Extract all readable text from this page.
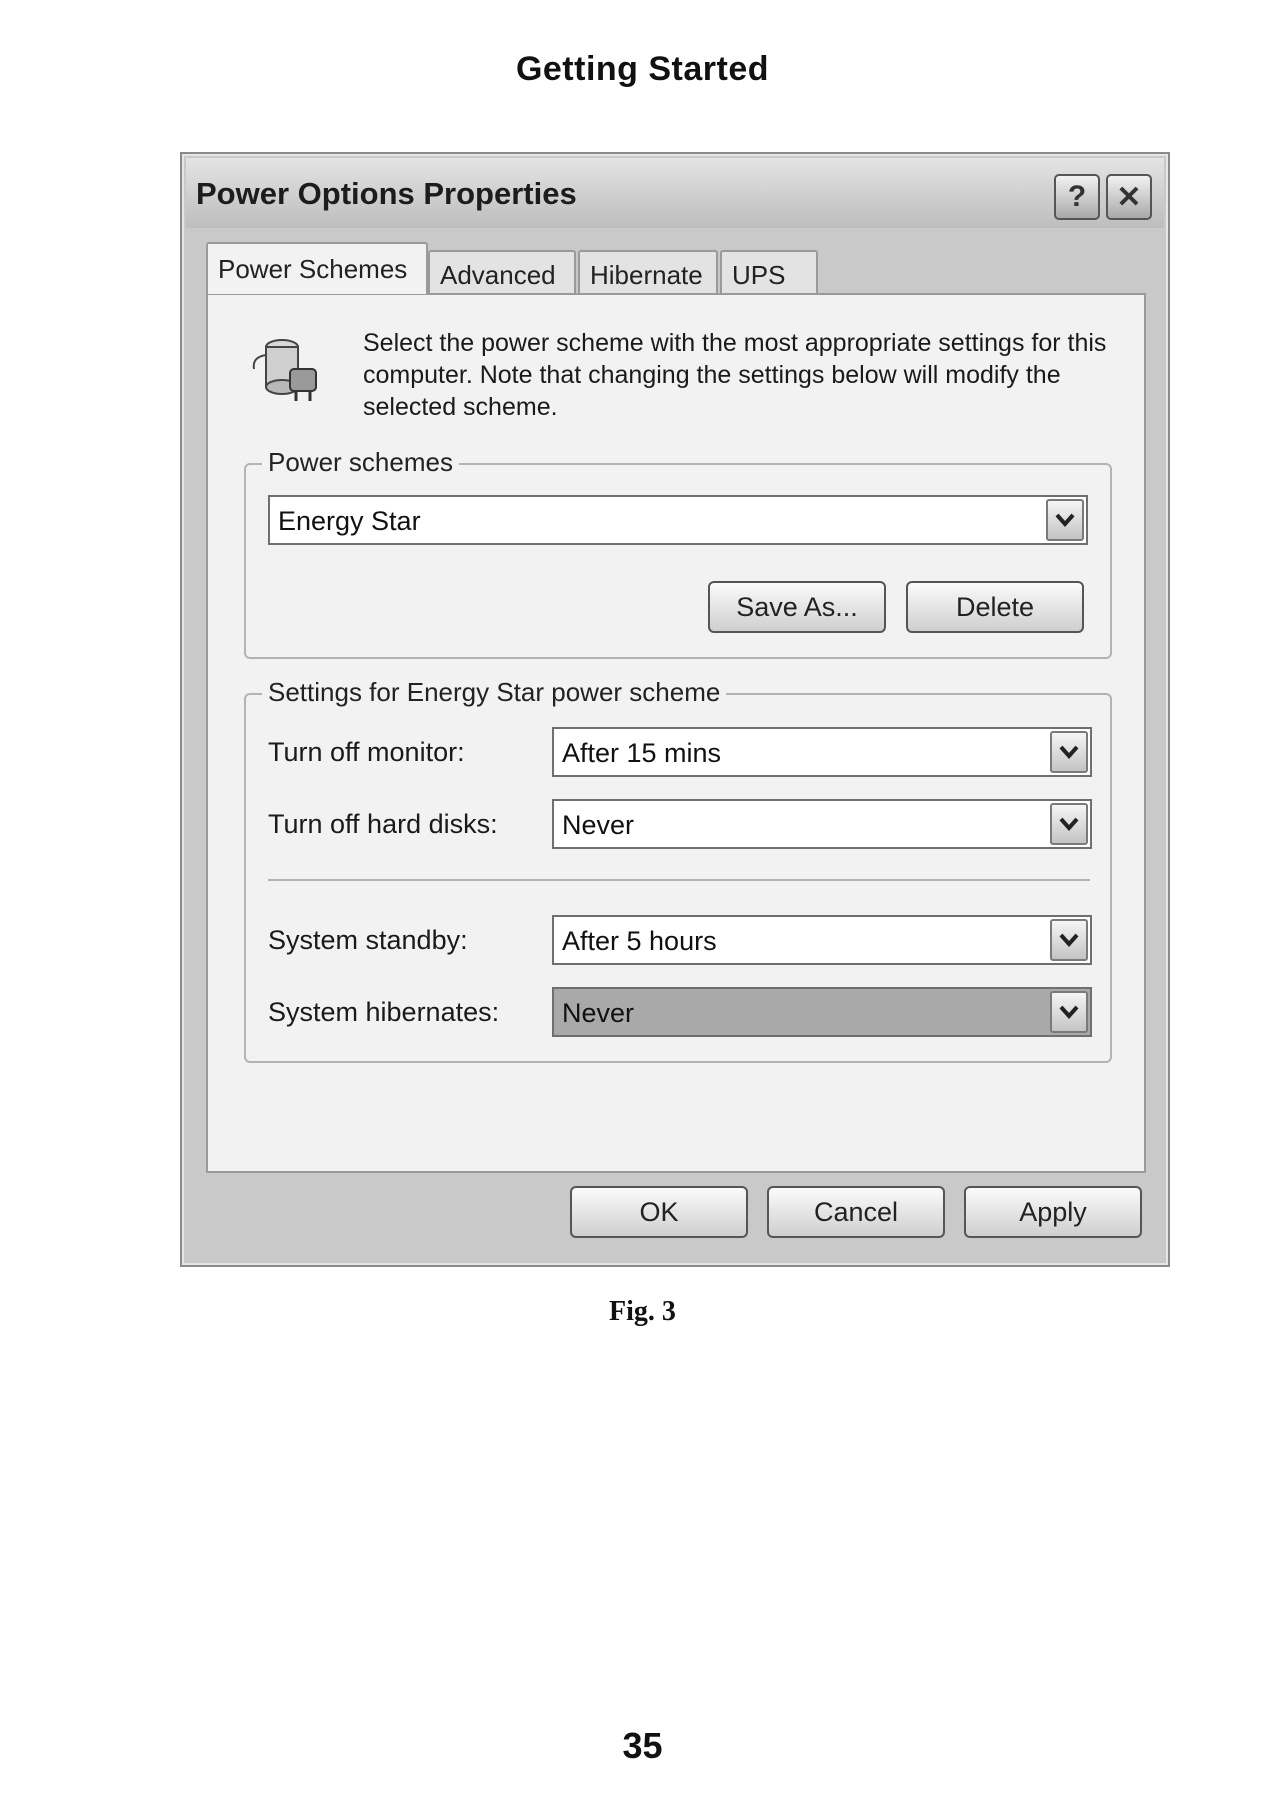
Getting Started
Power Options Properties	? ✕
Power Schemes	Advanced	Hibernate	UPS
Select the power scheme with the most appropriate settings for this computer. Note that changing the settings below will modify the selected scheme.
Power schemes
Energy Star
Save As...	Delete
Settings for Energy Star power scheme
Turn off monitor:	After 15 mins
Turn off hard disks: Never
System standby:	After 5 hours
System hibernates: Never
OK	Cancel	Apply
Fig. 3
35
